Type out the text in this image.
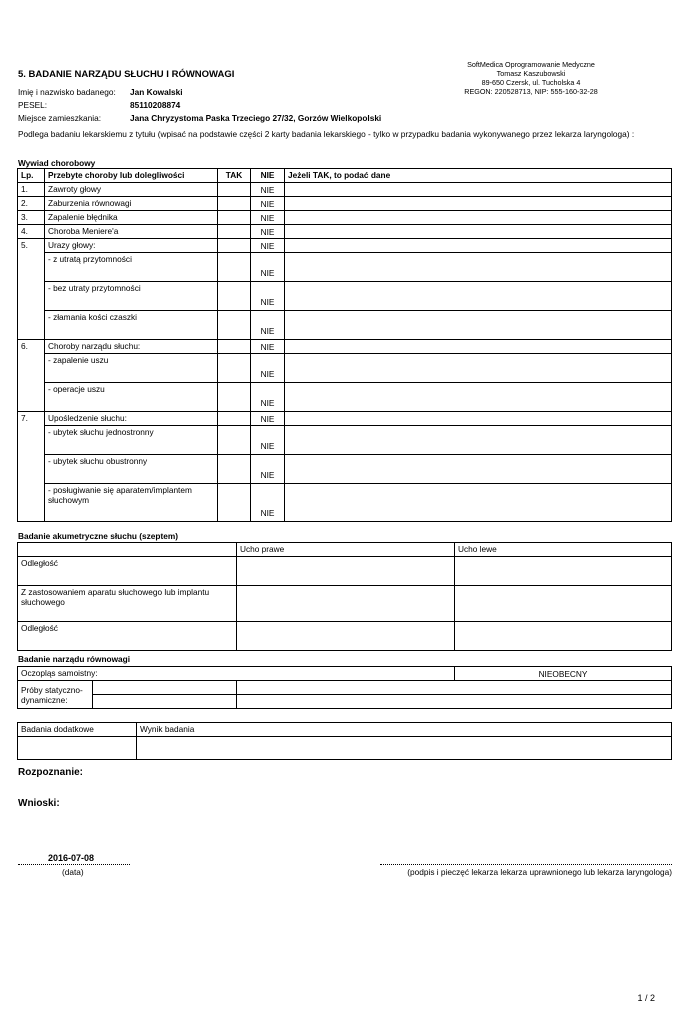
SoftMedica Oprogramowanie Medyczne
Tomasz Kaszubowski
89-650 Czersk, ul. Tucholska 4
REGON: 220528713, NIP: 555-160-32-28
5. BADANIE NARZĄDU SŁUCHU I RÓWNOWAGI
Imię i nazwisko badanego: Jan Kowalski
PESEL:	85110208874
Miejsce zamieszkania:	Jana Chryzystoma Paska Trzeciego 27/32, Gorzów Wielkopolski
Podlega badaniu lekarskiemu z tytułu (wpisać na podstawie części 2 karty badania lekarskiego - tylko w przypadku badania wykonywanego przez lekarza laryngologa) :
Wywiad chorobowy
Lp.	Przebyte choroby lub dolegliwości	TAK	NIE	Jeżeli TAK, to podać dane
1.	Zawroty głowy		NIE	
2.	Zaburzenia równowagi		NIE	
3.	Zapalenie błędnika		NIE	
4.	Choroba Meniere'a		NIE	
5.	Urazy głowy:		NIE	
	- z utratą przytomności		NIE	
	- bez utraty przytomności		NIE	
	- złamania kości czaszki		NIE	
6.	Choroby narządu słuchu:		NIE	
	- zapalenie uszu		NIE	
	- operacje uszu		NIE	
7.	Upośledzenie słuchu:		NIE	
	- ubytek słuchu jednostronny		NIE	
	- ubytek słuchu obustronny		NIE	
	- posługiwanie się aparatem/implantem słuchowym		NIE	
Badanie akumetryczne słuchu (szeptem)
	Ucho prawe	Ucho lewe
Odległość		
Z zastosowaniem aparatu słuchowego lub implantu słuchowego		
Odległość		
Badanie narządu równowagi
Oczopląs samoistny:			NIEOBECNY
Próby statyczno-dynamiczne:			

Badania dodatkowe	Wynik badania

Rozpoznanie:
Wnioski:
2016-07-08
(data)	(podpis i pieczęć lekarza lekarza uprawnionego lub lekarza laryngologa)
1 / 2
